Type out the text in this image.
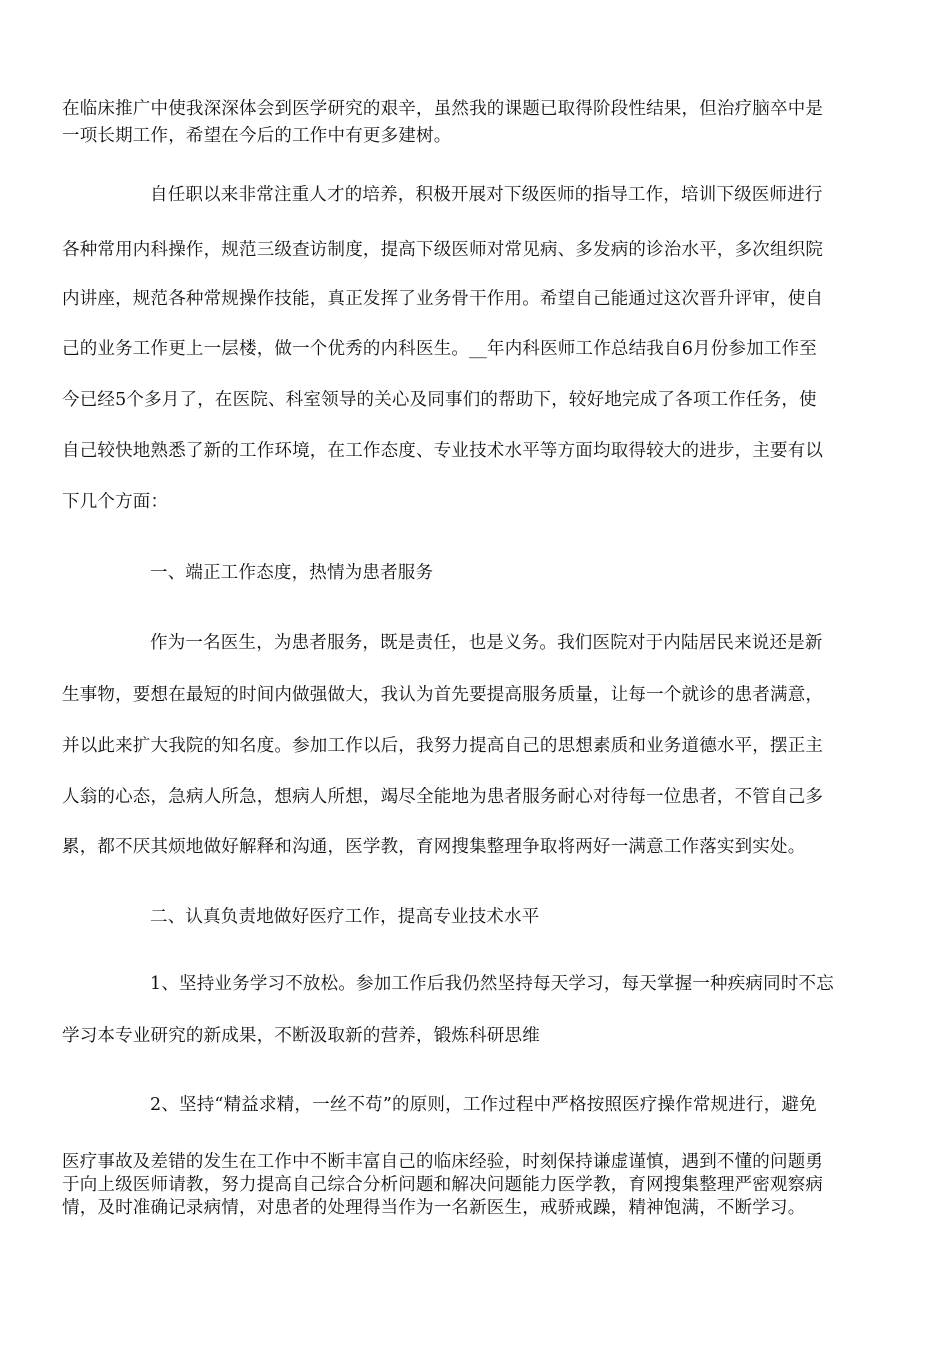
在临床推广中使我深深体会到医学研究的艰辛，虽然我的课题已取得阶段性结果，但治疗脑卒中是
一项长期工作，希望在今后的工作中有更多建树。
自任职以来非常注重人才的培养，积极开展对下级医师的指导工作，培训下级医师进行
各种常用内科操作，规范三级查访制度，提高下级医师对常见病、多发病的诊治水平，多次组织院
内讲座，规范各种常规操作技能，真正发挥了业务骨干作用。希望自己能通过这次晋升评审，使自
己的业务工作更上一层楼，做一个优秀的内科医生。__年内科医师工作总结我自6月份参加工作至
今已经5个多月了，在医院、科室领导的关心及同事们的帮助下，较好地完成了各项工作任务，使
自己较快地熟悉了新的工作环境，在工作态度、专业技术水平等方面均取得较大的进步，主要有以
下几个方面：
一、端正工作态度，热情为患者服务
作为一名医生，为患者服务，既是责任，也是义务。我们医院对于内陆居民来说还是新
生事物，要想在最短的时间内做强做大，我认为首先要提高服务质量，让每一个就诊的患者满意，
并以此来扩大我院的知名度。参加工作以后，我努力提高自己的思想素质和业务道德水平，摆正主
人翁的心态，急病人所急，想病人所想，竭尽全能地为患者服务耐心对待每一位患者，不管自己多
累，都不厌其烦地做好解释和沟通，医学教，育网搜集整理争取将两好一满意工作落实到实处。
二、认真负责地做好医疗工作，提高专业技术水平
1、坚持业务学习不放松。参加工作后我仍然坚持每天学习，每天掌握一种疾病同时不忘
学习本专业研究的新成果，不断汲取新的营养，锻炼科研思维
2、坚持“精益求精，一丝不苟”的原则，工作过程中严格按照医疗操作常规进行，避免
医疗事故及差错的发生在工作中不断丰富自己的临床经验，时刻保持谦虚谨慎，遇到不懂的问题勇
于向上级医师请教，努力提高自己综合分析问题和解决问题能力医学教，育网搜集整理严密观察病
情，及时准确记录病情，对患者的处理得当作为一名新医生，戒骄戒躁，精神饱满，不断学习。
